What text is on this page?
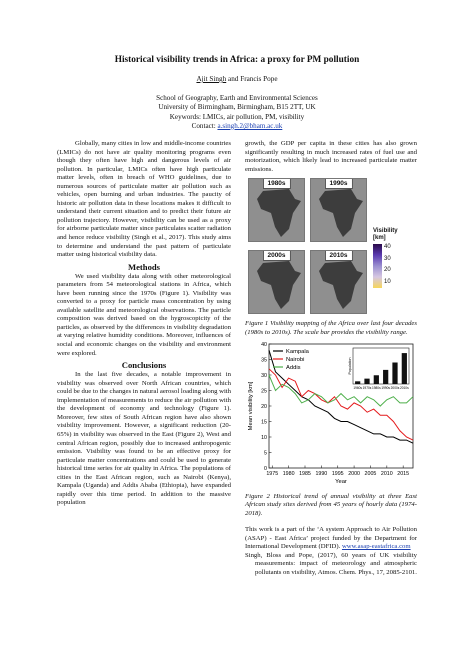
Historical visibility trends in Africa: a proxy for PM pollution
Ajit Singh and Francis Pope
School of Geography, Earth and Environmental Sciences
University of Birmingham, Birmingham, B15 2TT, UK
Keywords: LMICs, air pollution, PM, visibility
Contact: a.singh.2@bham.ac.uk

Globally, many cities in low and middle-income countries (LMICs) do not have air quality monitoring programs even though they often have high and dangerous levels of air pollution. In particular, LMICs often have high particulate matter levels, often in breach of WHO guidelines, due to numerous sources of particulate matter air pollution such as vehicles, open burning and urban industries. The paucity of historic air pollution data in these locations makes it difficult to understand their current situation and to predict their future air pollution trajectory. However, visibility can be used as a proxy for airborne particulate matter since particulates scatter radiation and hence reduce visibility (Singh et al., 2017). This study aims to determine and understand the past pattern of particulate matter using historical visibility data.

Methods

We used visibility data along with other meteorological parameters from 54 meteorological stations in Africa, which have been running since the 1970s (Figure 1). Visibility was converted to a proxy for particle mass concentration by using available satellite and meteorological observations. The particle composition was derived based on the hygroscopicity of the particles, as observed by the differences in visibility degradation at varying relative humidity conditions. Moreover, influences of social and economic changes on the visibility and environment were explored.

Conclusions

In the last five decades, a notable improvement in visibility was observed over North African countries, which could be due to the changes in natural aerosol loading along with implementation of measurements to reduce the air pollution with the development of economy and technology (Figure 1). Moreover, few sites of South African region have also shown visibility improvement. However, a significant reduction (20-65%) in visibility was observed in the East (Figure 2), West and central African region, possibly due to increased anthropogenic emission. Visibility was found to be an effective proxy for particulate matter concentrations and could be used to generate historical time series for air quality in Africa. The populations of cities in the East African region, such as Nairobi (Kenya), Kampala (Uganda) and Addis Ababa (Ethiopia), have expanded rapidly over this time period. In addition to the massive population

growth, the GDP per capita in these cities has also grown significantly resulting in much increased rates of fuel use and motorization, which likely lead to increased particulate matter emissions.

1980s	1990s
2000s	2010s
Visibility
[km]
40
30
20
10

Figure 1 Visibility mapping of the Africa over last four decades (1980s to 2010s). The scale bar provides the visibility range.

0
5
10
15
20
25
30
35
40
1975 1980 1985 1990 1995 2000 2005 2010 2015
Year
Mean visibility [km]
Kampala
Nairobi
Addis
1960s 1970s 1980s 1990s 2000s 2010s
Population

Figure 2 Historical trend of annual visibility at three East African study sites derived from 45 years of hourly data (1974-2018).

This work is a part of the ‘A system Approach to Air Pollution (ASAP) - East Africa’ project funded by the Department for International Development (DFID). www.asap-eastafrica.com

Singh, Bloss and Pope, (2017), 60 years of UK visibility measurements: impact of meteorology and atmospheric pollutants on visibility, Atmos. Chem. Phys., 17, 2085-2101.
